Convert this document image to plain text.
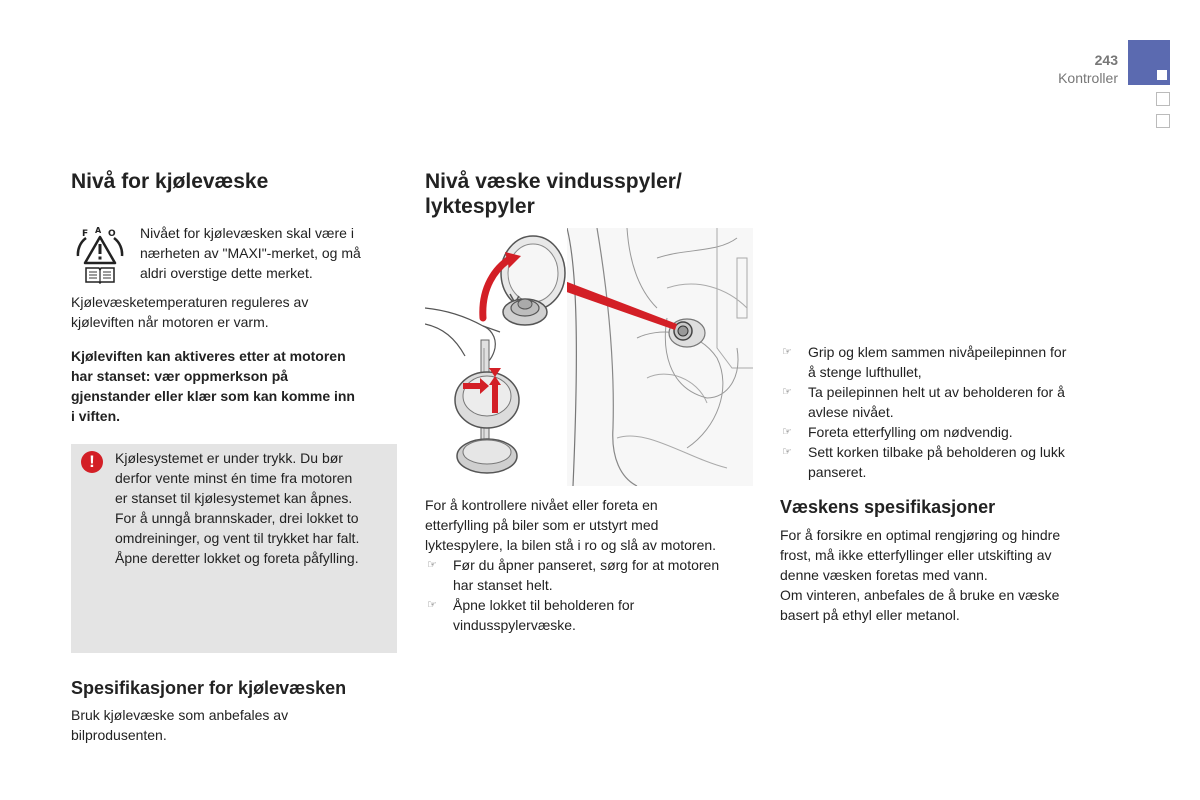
243
Kontroller
Nivå for kjølevæske
F A O Nivået for kjølevæsken skal være i

nærheten av "MAXI"-merket, og må

aldri overstige dette merket.

Kjølevæsketemperaturen reguleres av

kjøleviften når motoren er varm.

Kjøleviften kan aktiveres etter at motoren

har stanset: vær oppmerkson på

gjenstander eller klær som kan komme inn

i viften.

!	Kjølesystemet er under trykk. Du bør

derfor vente minst én time fra motoren

er stanset til kjølesystemet kan åpnes.

For å unngå brannskader, drei lokket to

omdreininger, og vent til trykket har falt.

Åpne deretter lokket og foreta påfylling.

Spesifikasjoner for kjølevæsken

Bruk kjølevæske som anbefales av

bilprodusenten.

Nivå væske vindusspyler/
lyktespyler

For å kontrollere nivået eller foreta en

etterfylling på biler som er utstyrt med

lyktespylere, la bilen stå i ro og slå av motoren.

☞ Før du åpner panseret, sørg for at motoren
har stanset helt.
☞ Åpne lokket til beholderen for
vindusspylervæske.
☞ Grip og klem sammen nivåpeilepinnen for
å stenge lufthullet,
☞ Ta peilepinnen helt ut av beholderen for å
avlese nivået.
☞ Foreta etterfylling om nødvendig.
☞ Sett korken tilbake på beholderen og lukk
panseret.
Væskens spesifikasjoner

For å forsikre en optimal rengjøring og hindre

frost, må ikke etterfyllinger eller utskifting av

denne væsken foretas med vann.

Om vinteren, anbefales de å bruke en væske

basert på ethyl eller metanol.
